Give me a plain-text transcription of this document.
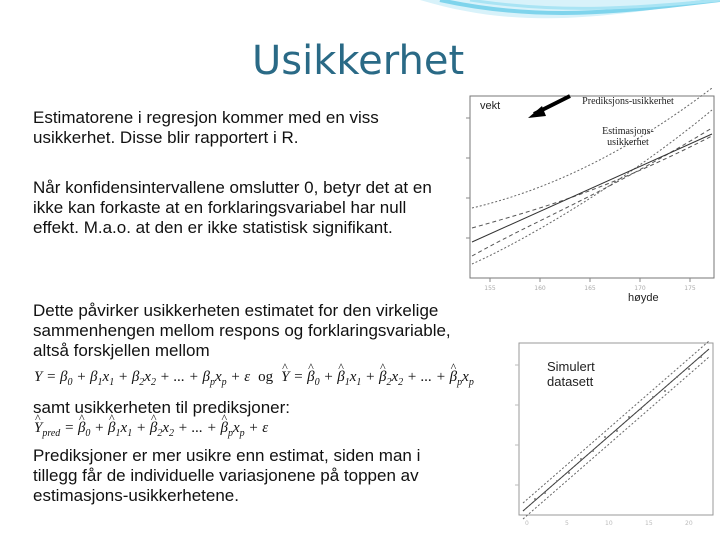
Usikkerhet
Estimatorene i regresjon kommer med en viss usikkerhet. Disse blir rapportert i R.
Når konfidensintervallene omslutter 0, betyr det at en ikke kan forkaste at en forklaringsvariabel har null effekt. M.a.o. at den er ikke statistisk signifikant.
Dette påvirker usikkerheten estimatet for den virkelige sammenhengen mellom respons og forklaringsvariable, altså forskjellen mellom
$Y = \beta_0 + \beta_1x_1 + \beta_2x_2$ + ... + $\beta_px_p + \varepsilon$ og^ Y = ^ $\beta_0$ + ^ $\beta_1x_1$ + ^ $\beta_2x_2$ + ... + ^ $\beta_px_p$
samt usikkerheten til prediksjoner:
^ $Y_{pred}$ = ^ $\beta_0$ + ^ $\beta_1x_1$ + ^ $\beta_2x_2$ + ... + ^ $\beta_px_p + \varepsilon$
Prediksjoner er mer usikre enn estimat, siden man i tillegg får de individuelle variasjonene på toppen av estimasjons-usikkerhetene.
155	160	165	170	175
vekt	Prediksjons-usikkerhet
Estimasjons-
usikkerhet
høyde
0	5	10	15	20
Simulert
datasett
